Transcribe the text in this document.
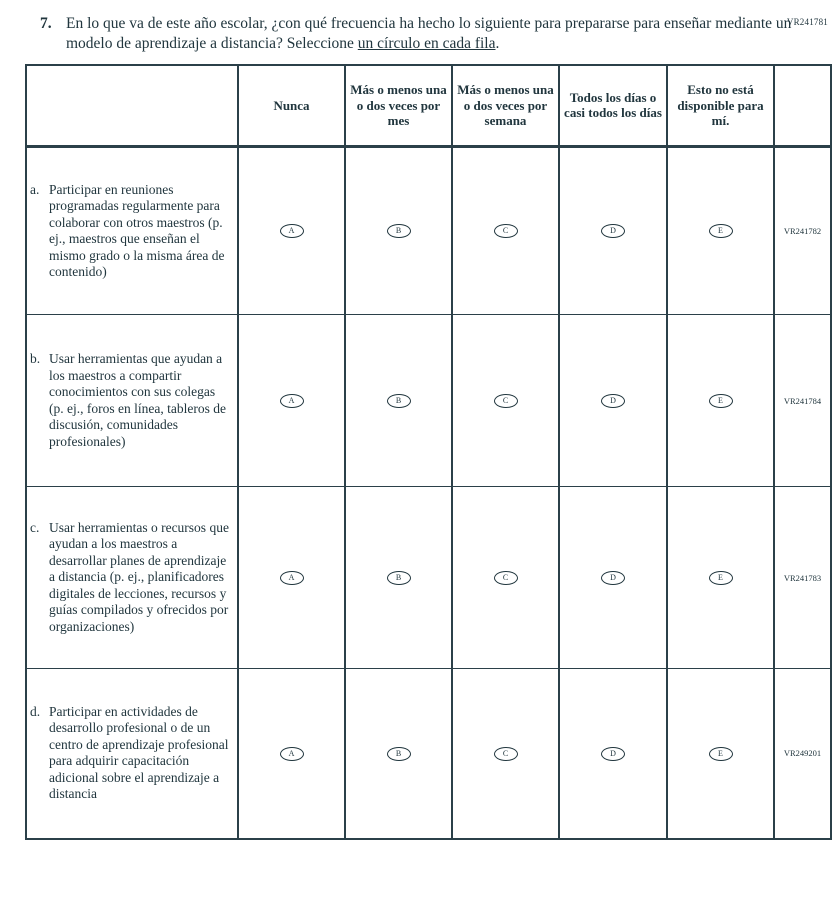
VR241781
7. En lo que va de este año escolar, ¿con qué frecuencia ha hecho lo siguiente para prepararse para enseñar mediante un modelo de aprendizaje a distancia? Seleccione un círculo en cada fila.
	Nunca	Más o menos una o dos veces por mes	Más o menos una o dos veces por semana	Todos los días o casi todos los días	Esto no está disponible para mí.	

a. Participar en reuniones programadas regularmente para colaborar con otros maestros (p. ej., maestros que enseñan el mismo grado o la misma área de contenido)	A	B	C	D	E	VR241782

b. Usar herramientas que ayudan a los maestros a compartir conocimientos con sus colegas (p. ej., foros en línea, tableros de discusión, comunidades profesionales)	A	B	C	D	E	VR241784

c. Usar herramientas o recursos que ayudan a los maestros a desarrollar planes de aprendizaje a distancia (p. ej., planificadores digitales de lecciones, recursos y guías compilados y ofrecidos por organizaciones)	A	B	C	D	E	VR241783

d. Participar en actividades de desarrollo profesional o de un centro de aprendizaje profesional para adquirir capacitación adicional sobre el aprendizaje a distancia	A	B	C	D	E	VR249201
